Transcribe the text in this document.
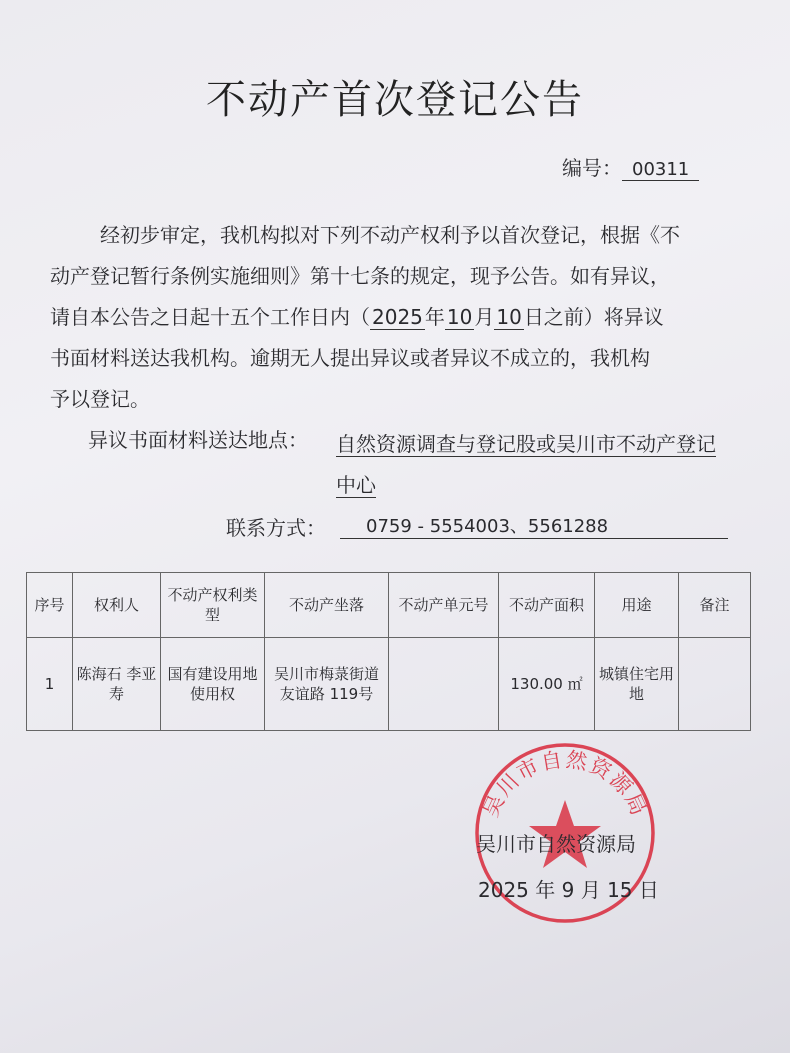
不动产首次登记公告
编号： 00311
经初步审定，我机构拟对下列不动产权利予以首次登记，根据《不
动产登记暂行条例实施细则》第十七条的规定，现予公告。如有异议，
请自本公告之日起十五个工作日内（ 2025 年 10 月 10 日之前）将异议
书面材料送达我机构。逾期无人提出异议或者异议不成立的，我机构
予以登记。
异议书面材料送达地点： 自然资源调查与登记股或吴川市不动产登记中心
联系方式：	0759 - 5554003、5561288
序号	权利人	不动产权利类型	不动产坐落	不动产单元号	不动产面积	用途	备注
1	陈海石 李亚寿	国有建设用地使用权	吴川市梅菉街道友谊路 119号		130.00 ㎡	城镇住宅用地	
吴川市自然资源局
吴川市自然资源局
2025 年 9 月 15 日
